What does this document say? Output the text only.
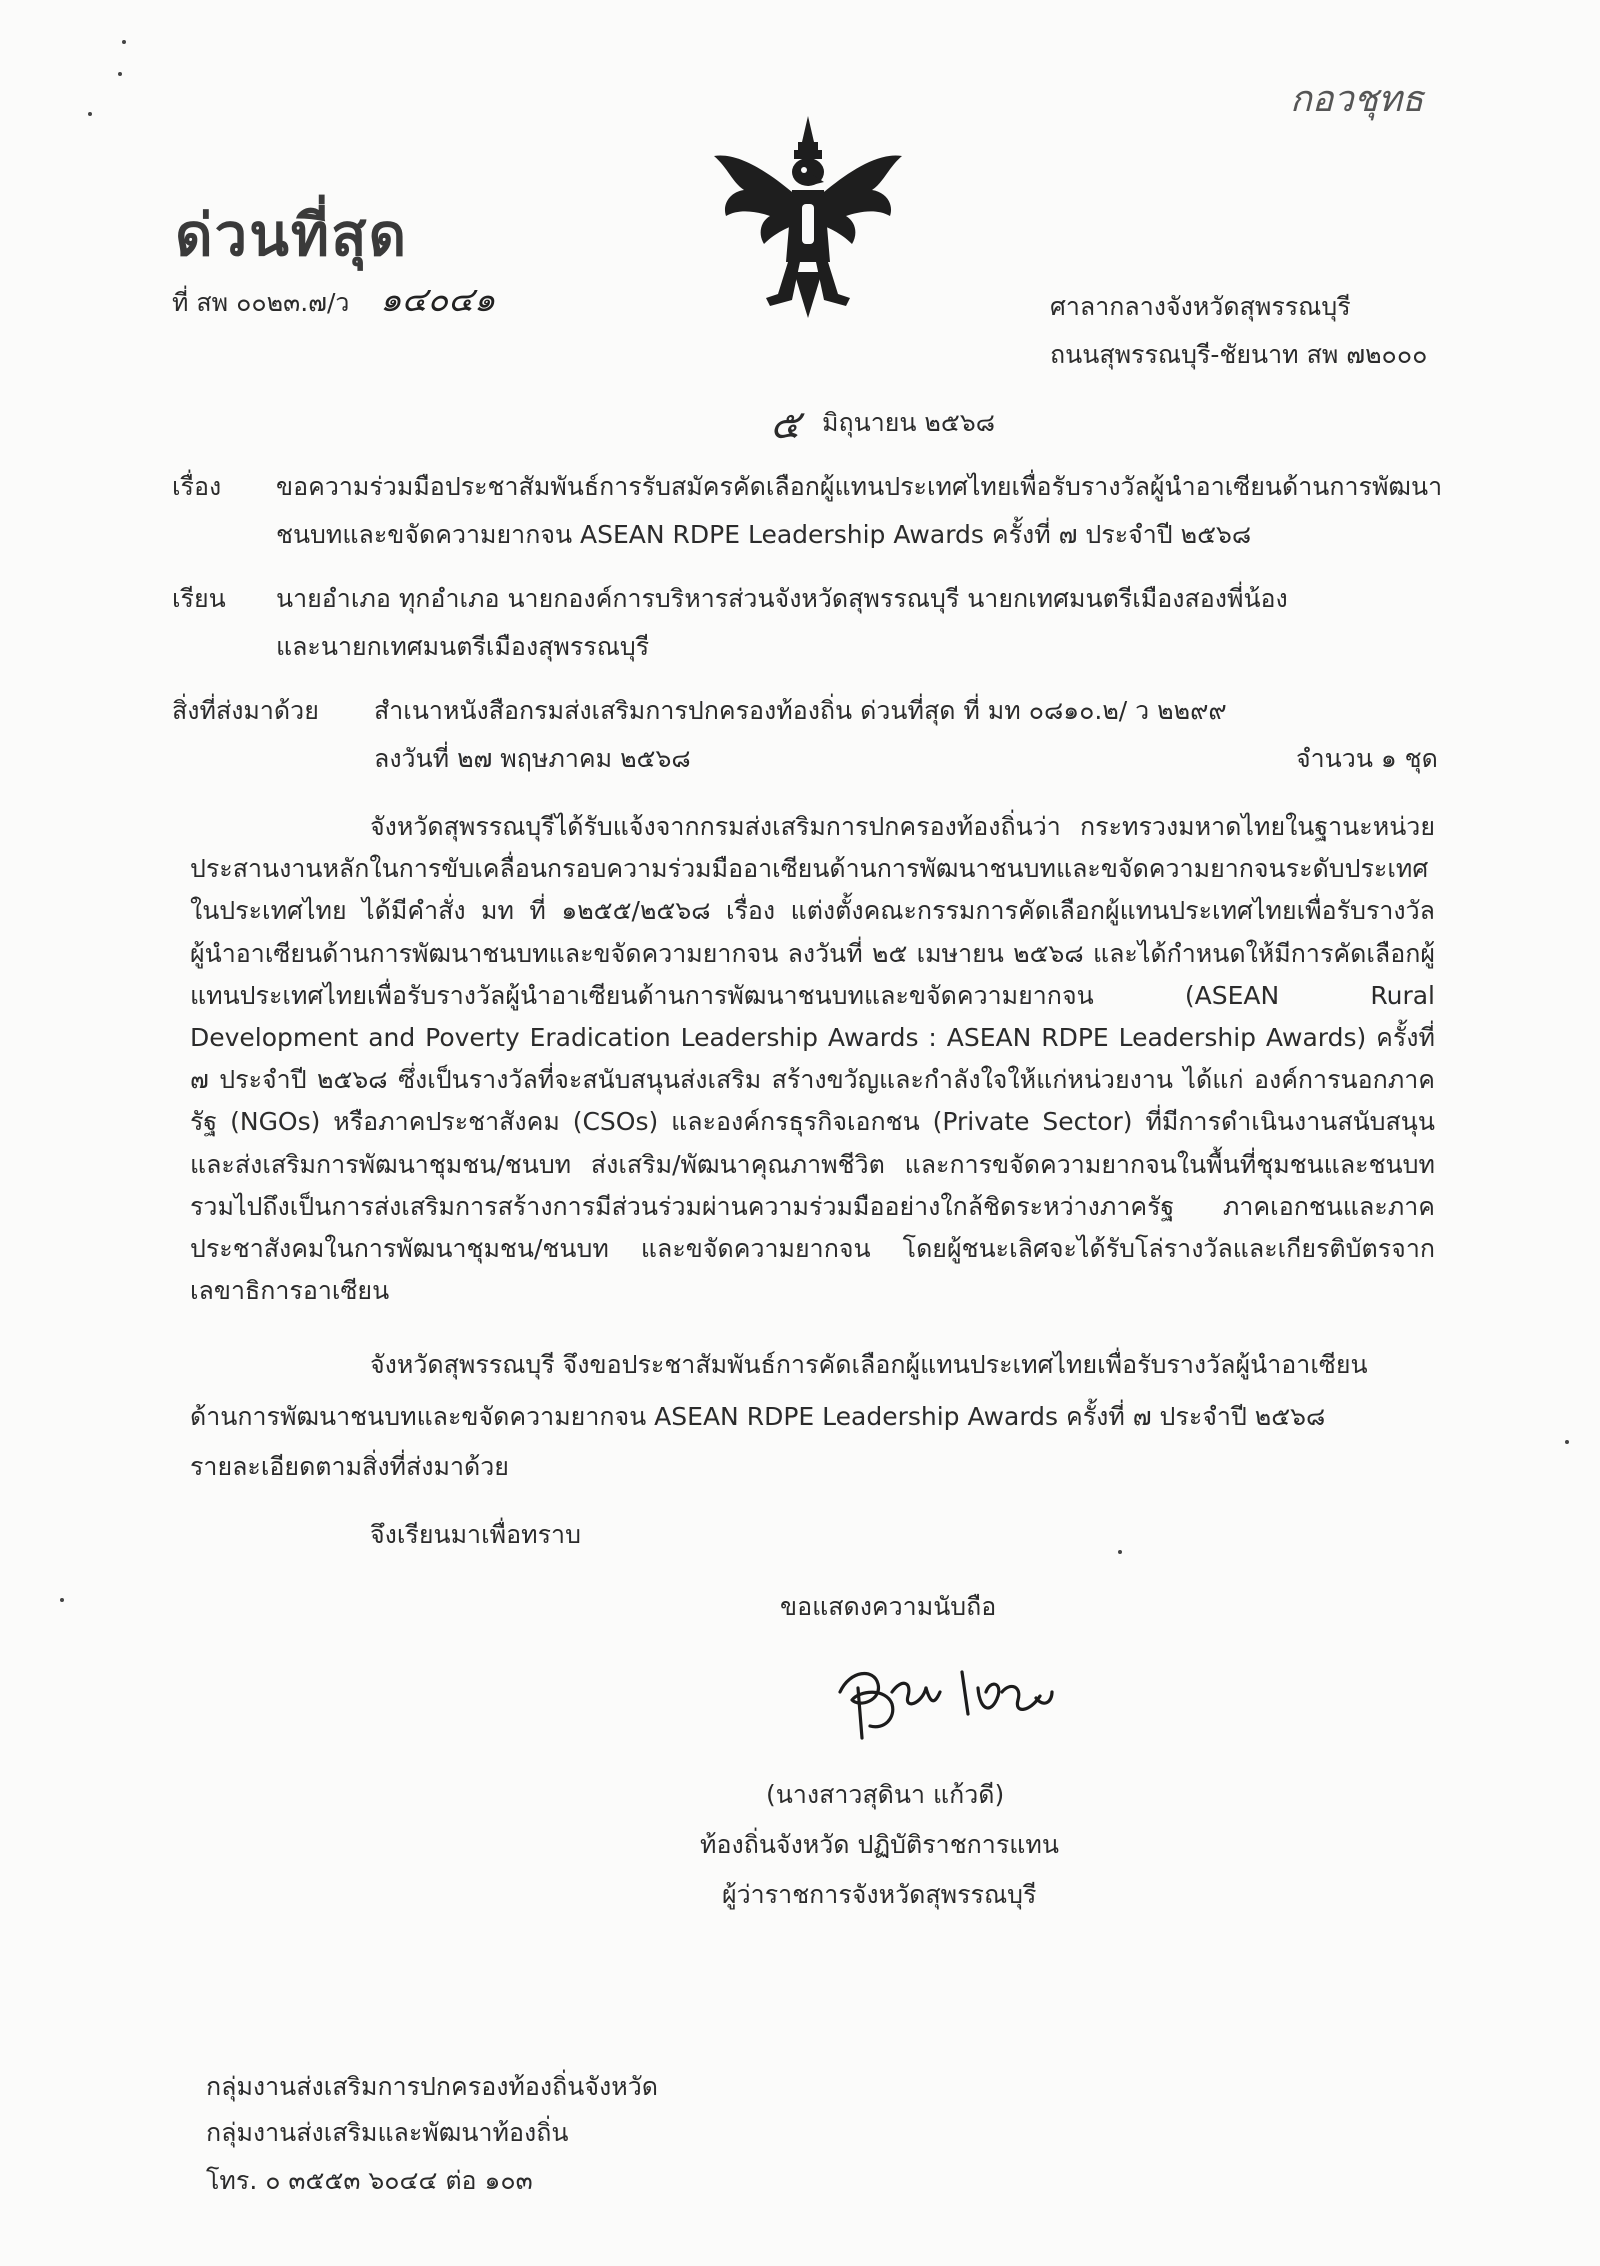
กอวชุทธ
ด่วนที่สุด
ที่ สพ ๐๐๒๓.๗/ว ๑๔๐๔๑	ศาลากลางจังหวัดสุพรรณบุรี
ถนนสุพรรณบุรี-ชัยนาท สพ ๗๒๐๐๐
๕ มิถุนายน ๒๕๖๘
เรื่อง ขอความร่วมมือประชาสัมพันธ์การรับสมัครคัดเลือกผู้แทนประเทศไทยเพื่อรับรางวัลผู้นำอาเซียนด้านการพัฒนา
ชนบทและขจัดความยากจน ASEAN RDPE Leadership Awards ครั้งที่ ๗ ประจำปี ๒๕๖๘
เรียน นายอำเภอ ทุกอำเภอ นายกองค์การบริหารส่วนจังหวัดสุพรรณบุรี นายกเทศมนตรีเมืองสองพี่น้อง
และนายกเทศมนตรีเมืองสุพรรณบุรี
สิ่งที่ส่งมาด้วย สำเนาหนังสือกรมส่งเสริมการปกครองท้องถิ่น ด่วนที่สุด ที่ มท ๐๘๑๐.๒/ ว ๒๒๙๙
ลงวันที่ ๒๗ พฤษภาคม ๒๕๖๘	จำนวน ๑ ชุด
จังหวัดสุพรรณบุรีได้รับแจ้งจากกรมส่งเสริมการปกครองท้องถิ่นว่า กระทรวงมหาดไทยในฐานะหน่วยประสานงานหลักในการขับเคลื่อนกรอบความร่วมมืออาเซียนด้านการพัฒนาชนบทและขจัดความยากจนระดับประเทศในประเทศไทย ได้มีคำสั่ง มท ที่ ๑๒๕๕/๒๕๖๘ เรื่อง แต่งตั้งคณะกรรมการคัดเลือกผู้แทนประเทศไทยเพื่อรับรางวัลผู้นำอาเซียนด้านการพัฒนาชนบทและขจัดความยากจน ลงวันที่ ๒๕ เมษายน ๒๕๖๘ และได้กำหนดให้มีการคัดเลือกผู้แทนประเทศไทยเพื่อรับรางวัลผู้นำอาเซียนด้านการพัฒนาชนบทและขจัดความยากจน (ASEAN Rural Development and Poverty Eradication Leadership Awards : ASEAN RDPE Leadership Awards) ครั้งที่ ๗ ประจำปี ๒๕๖๘ ซึ่งเป็นรางวัลที่จะสนับสนุนส่งเสริม สร้างขวัญและกำลังใจให้แก่หน่วยงาน ได้แก่ องค์การนอกภาครัฐ (NGOs) หรือภาคประชาสังคม (CSOs) และองค์กรธุรกิจเอกชน (Private Sector) ที่มีการดำเนินงานสนับสนุนและส่งเสริมการพัฒนาชุมชน/ชนบท ส่งเสริม/พัฒนาคุณภาพชีวิต และการขจัดความยากจนในพื้นที่ชุมชนและชนบทรวมไปถึงเป็นการส่งเสริมการสร้างการมีส่วนร่วมผ่านความร่วมมืออย่างใกล้ชิดระหว่างภาครัฐ ภาคเอกชนและภาคประชาสังคมในการพัฒนาชุมชน/ชนบท และขจัดความยากจน โดยผู้ชนะเลิศจะได้รับโล่รางวัลและเกียรติบัตรจากเลขาธิการอาเซียน
จังหวัดสุพรรณบุรี จึงขอประชาสัมพันธ์การคัดเลือกผู้แทนประเทศไทยเพื่อรับรางวัลผู้นำอาเซียน
ด้านการพัฒนาชนบทและขจัดความยากจน ASEAN RDPE Leadership Awards ครั้งที่ ๗ ประจำปี ๒๕๖๘
รายละเอียดตามสิ่งที่ส่งมาด้วย
จึงเรียนมาเพื่อทราบ
ขอแสดงความนับถือ
(นางสาวสุดินา แก้วดี)
ท้องถิ่นจังหวัด ปฏิบัติราชการแทน
ผู้ว่าราชการจังหวัดสุพรรณบุรี
กลุ่มงานส่งเสริมการปกครองท้องถิ่นจังหวัด
กลุ่มงานส่งเสริมและพัฒนาท้องถิ่น
โทร. ๐ ๓๕๕๓ ๖๐๔๔ ต่อ ๑๐๓
